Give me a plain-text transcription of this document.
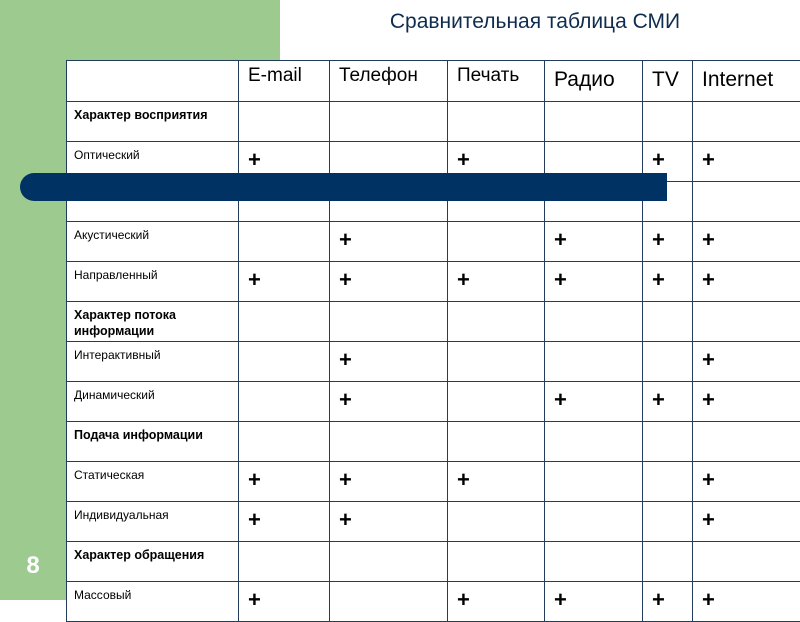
Сравнительная таблица СМИ

	E-mail	Телефон	Печать	Радио	TV	Internet

Характер восприятия						

Оптический	+		+		+	+

Акустический		+		+	+	+

Направленный	+	+	+	+	+	+

Характер потока информации						

Интерактивный		+				+

Динамический		+		+	+	+

Подача информации						

Статическая	+	+	+			+

Индивидуальная	+	+				+

Характер обращения						

Массовый	+		+	+	+	+
8
